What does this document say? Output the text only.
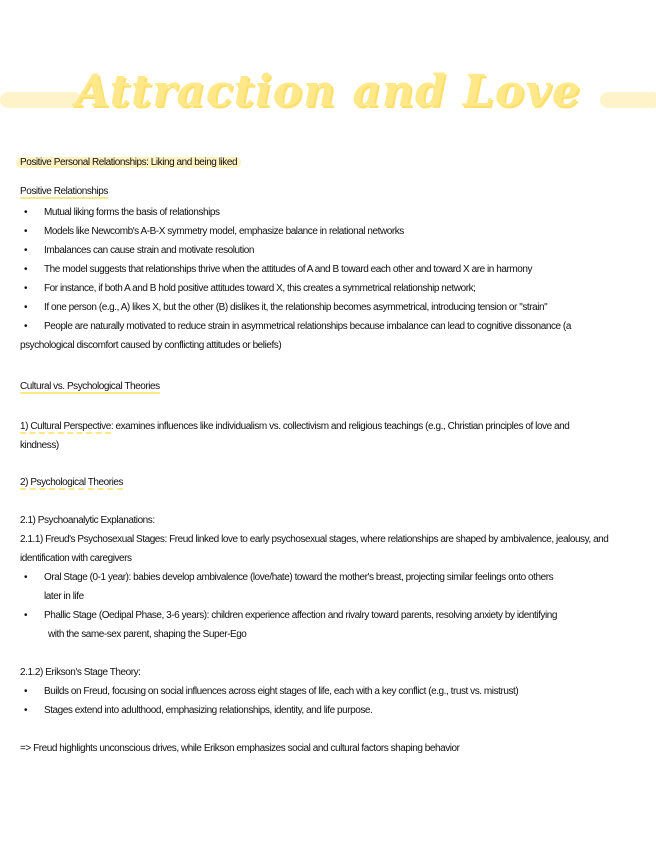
Attraction and Love
Positive Personal Relationships: Liking and being liked
Positive Relationships
• Mutual liking forms the basis of relationships
• Models like Newcomb's A-B-X symmetry model, emphasize balance in relational networks
• Imbalances can cause strain and motivate resolution
• The model suggests that relationships thrive when the attitudes of A and B toward each other and toward X are in harmony
• For instance, if both A and B hold positive attitudes toward X, this creates a symmetrical relationship network;
• If one person (e.g., A) likes X, but the other (B) dislikes it, the relationship becomes asymmetrical, introducing tension or "strain"
• People are naturally motivated to reduce strain in asymmetrical relationships because imbalance can lead to cognitive dissonance (a
psychological discomfort caused by conflicting attitudes or beliefs)
Cultural vs. Psychological Theories
1) Cultural Perspective: examines influences like individualism vs. collectivism and religious teachings (e.g., Christian principles of love and
kindness)
2) Psychological Theories
2.1) Psychoanalytic Explanations:
2.1.1) Freud's Psychosexual Stages: Freud linked love to early psychosexual stages, where relationships are shaped by ambivalence, jealousy, and
identification with caregivers
• Oral Stage (0-1 year): babies develop ambivalence (love/hate) toward the mother's breast, projecting similar feelings onto others
later in life
• Phallic Stage (Oedipal Phase, 3-6 years): children experience affection and rivalry toward parents, resolving anxiety by identifying
with the same-sex parent, shaping the Super-Ego
2.1.2) Erikson's Stage Theory:
• Builds on Freud, focusing on social influences across eight stages of life, each with a key conflict (e.g., trust vs. mistrust)
• Stages extend into adulthood, emphasizing relationships, identity, and life purpose.
=> Freud highlights unconscious drives, while Erikson emphasizes social and cultural factors shaping behavior
